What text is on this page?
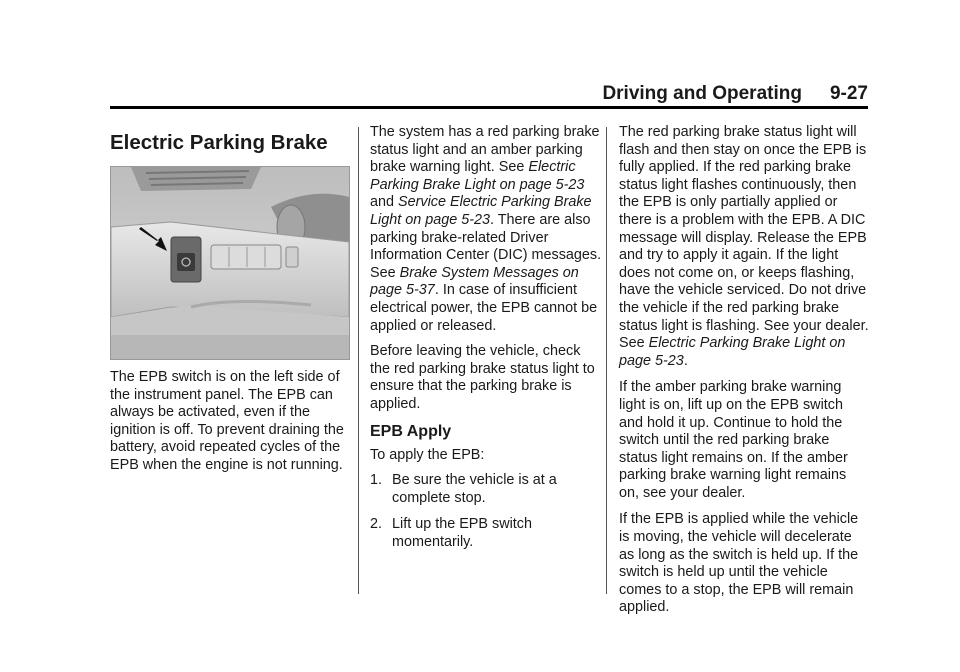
Driving and Operating 9-27
Electric Parking Brake
The EPB switch is on the left side of the instrument panel. The EPB can always be activated, even if the ignition is off. To prevent draining the battery, avoid repeated cycles of the EPB when the engine is not running.

The system has a red parking brake status light and an amber parking brake warning light. See Electric Parking Brake Light on page 5-23 and Service Electric Parking Brake Light on page 5-23. There are also parking brake-related Driver Information Center (DIC) messages. See Brake System Messages on page 5-37. In case of insufficient electrical power, the EPB cannot be applied or released.

Before leaving the vehicle, check the red parking brake status light to ensure that the parking brake is applied.

EPB Apply

To apply the EPB:

1. Be sure the vehicle is at a complete stop.
2. Lift up the EPB switch momentarily.

The red parking brake status light will flash and then stay on once the EPB is fully applied. If the red parking brake status light flashes continuously, then the EPB is only partially applied or there is a problem with the EPB. A DIC message will display. Release the EPB and try to apply it again. If the light does not come on, or keeps flashing, have the vehicle serviced. Do not drive the vehicle if the red parking brake status light is flashing. See your dealer. See Electric Parking Brake Light on page 5-23.

If the amber parking brake warning light is on, lift up on the EPB switch and hold it up. Continue to hold the switch until the red parking brake status light remains on. If the amber parking brake warning light remains on, see your dealer.

If the EPB is applied while the vehicle is moving, the vehicle will decelerate as long as the switch is held up. If the switch is held up until the vehicle comes to a stop, the EPB will remain applied.
